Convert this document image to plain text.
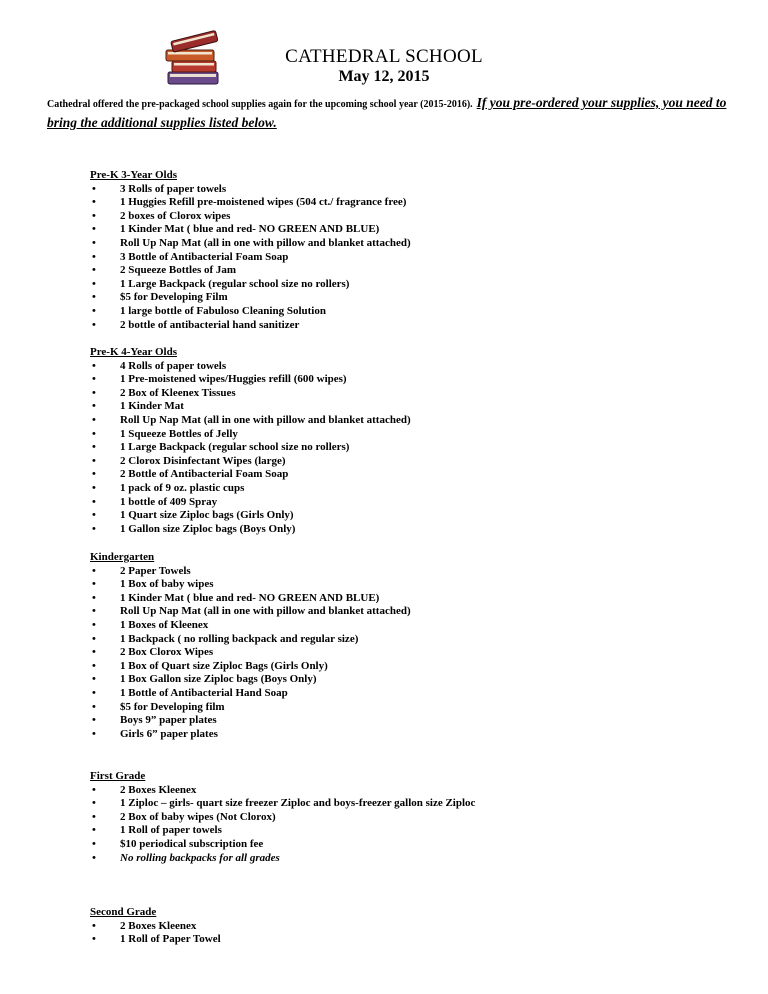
CATHEDRAL SCHOOL
May 12, 2015
Cathedral offered the pre-packaged school supplies again for the upcoming school year (2015-2016). If you pre-ordered your supplies, you need to bring the additional supplies listed below.
Pre-K 3-Year Olds
• 3 Rolls of paper towels
• 1 Huggies Refill pre-moistened wipes (504 ct./ fragrance free)
• 2 boxes of Clorox wipes
• 1 Kinder Mat ( blue and red- NO GREEN AND BLUE)
• Roll Up Nap Mat (all in one with pillow and blanket attached)
• 3 Bottle of Antibacterial Foam Soap
• 2 Squeeze Bottles of Jam
• 1 Large Backpack (regular school size no rollers)
• $5 for Developing Film
• 1 large bottle of Fabuloso Cleaning Solution
• 2 bottle of antibacterial hand sanitizer
Pre-K 4-Year Olds
• 4 Rolls of paper towels
• 1 Pre-moistened wipes/Huggies refill (600 wipes)
• 2 Box of Kleenex Tissues
• 1 Kinder Mat
• Roll Up Nap Mat (all in one with pillow and blanket attached)
• 1 Squeeze Bottles of Jelly
• 1 Large Backpack (regular school size no rollers)
• 2 Clorox Disinfectant Wipes (large)
• 2 Bottle of Antibacterial Foam Soap
• 1 pack of 9 oz. plastic cups
• 1 bottle of 409 Spray
• 1 Quart size Ziploc bags (Girls Only)
• 1 Gallon size Ziploc bags (Boys Only)
Kindergarten
• 2 Paper Towels
• 1 Box of baby wipes
• 1 Kinder Mat ( blue and red- NO GREEN AND BLUE)
• Roll Up Nap Mat (all in one with pillow and blanket attached)
• 1 Boxes of Kleenex
• 1 Backpack ( no rolling backpack and regular size)
• 2 Box Clorox Wipes
• 1 Box of Quart size Ziploc Bags (Girls Only)
• 1 Box Gallon size Ziploc bags (Boys Only)
• 1 Bottle of Antibacterial Hand Soap
• $5 for Developing film
• Boys 9” paper plates
• Girls 6” paper plates
First Grade
• 2 Boxes Kleenex
• 1 Ziploc – girls- quart size freezer Ziploc and boys-freezer gallon size Ziploc
• 2 Box of baby wipes (Not Clorox)
• 1 Roll of paper towels
• $10 periodical subscription fee
• No rolling backpacks for all grades
Second Grade
• 2 Boxes Kleenex
• 1 Roll of Paper Towel
